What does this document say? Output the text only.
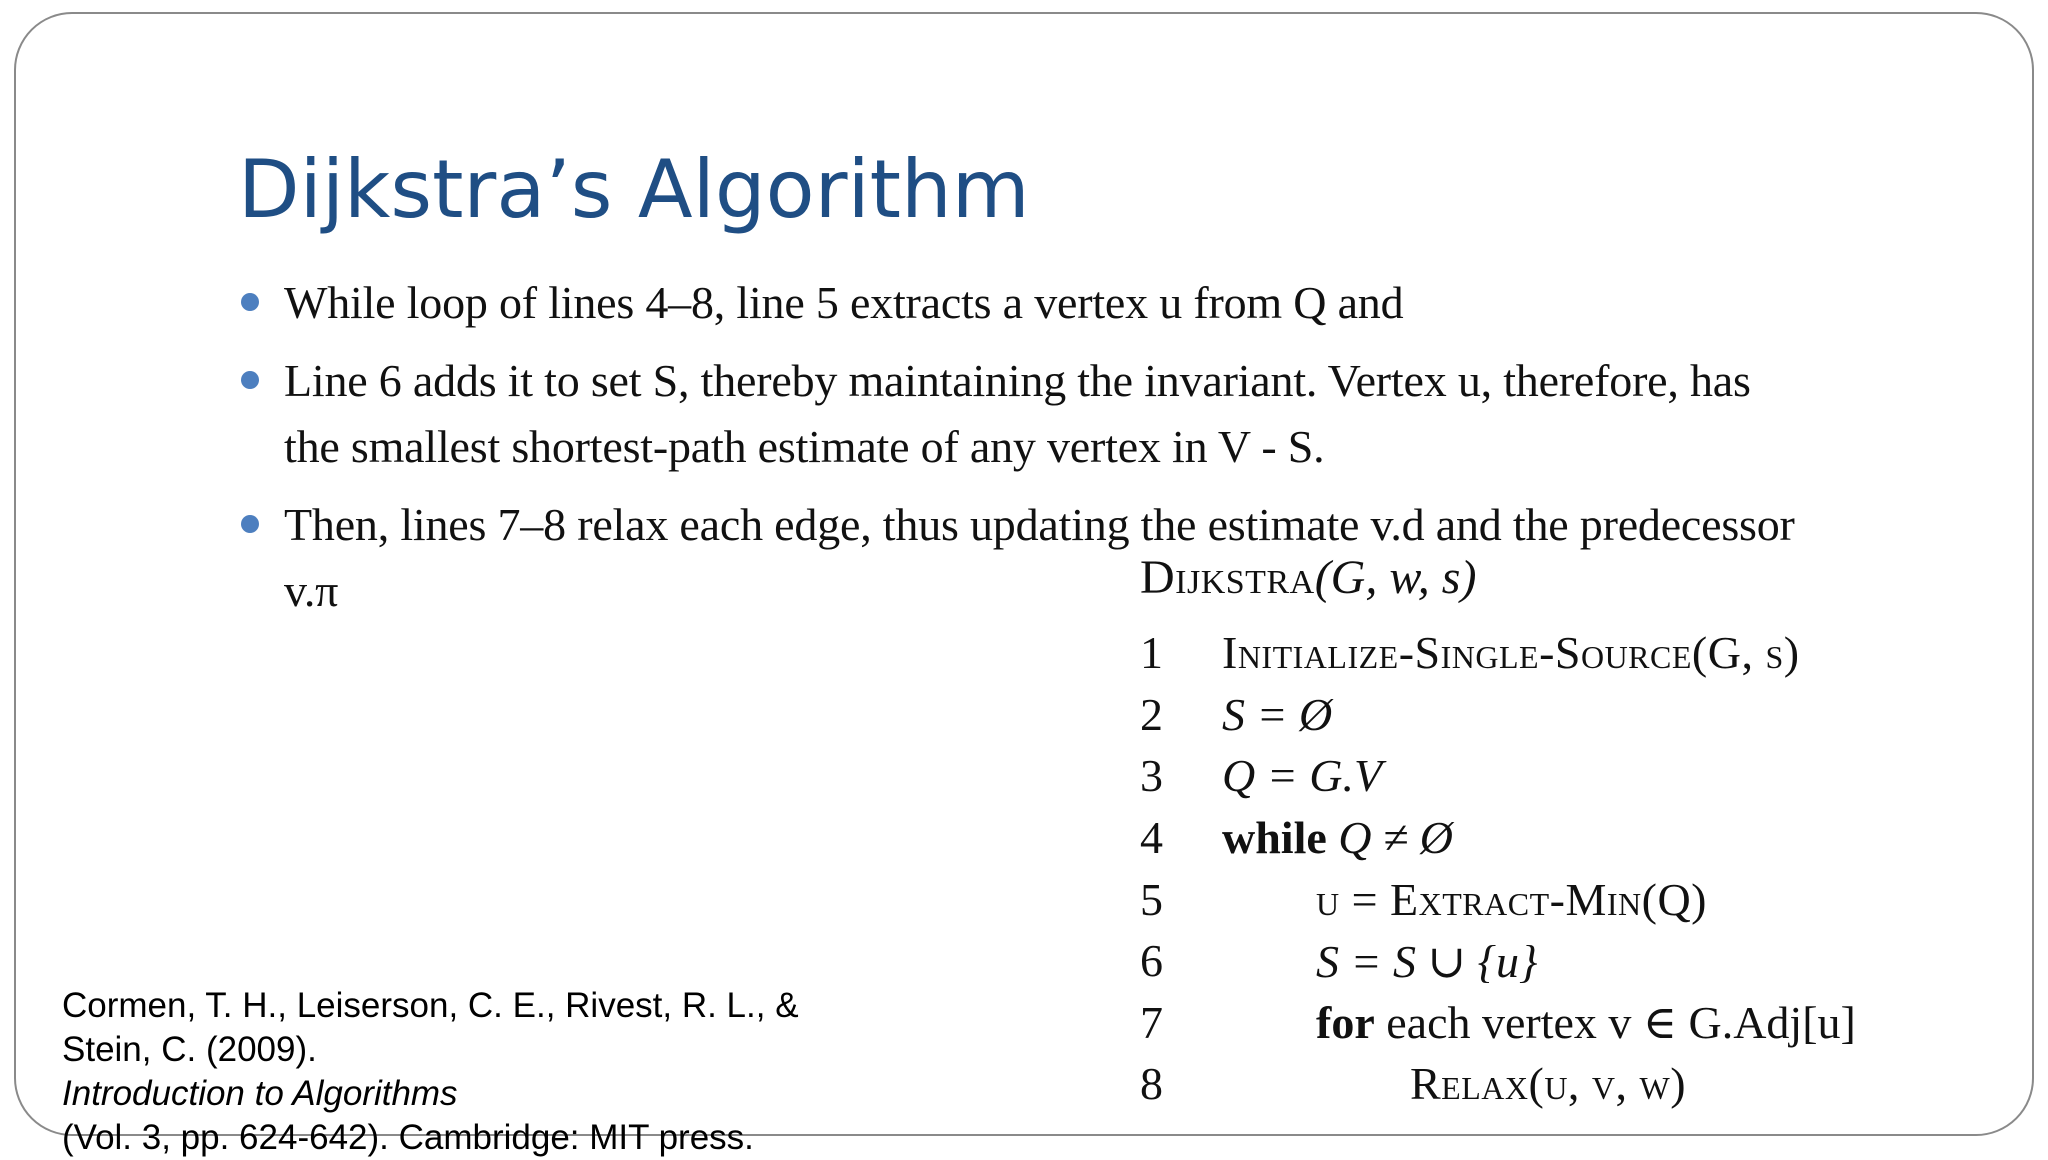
Dijkstra’s Algorithm
While loop of lines 4–8, line 5 extracts a vertex u from Q and
Line 6 adds it to set S, thereby maintaining the invariant. Vertex u, therefore, has
the smallest shortest-path estimate of any vertex in V - S.
Then, lines 7–8 relax each edge, thus updating the estimate v.d and the predecessor
v.π	Dijkstra(G, w, s)
1	Initialize-Single-Source(G, s)
2	S = Ø
3	Q = G.V
4	while Q ≠ Ø
5	u = Extract-Min(Q)
6	S = S ∪ {u}
7	for each vertex v ∈ G.Adj[u]
8	Relax(u, v, w)
Cormen, T. H., Leiserson, C. E., Rivest, R. L., &
Stein, C. (2009).
Introduction to Algorithms
(Vol. 3, pp. 624-642). Cambridge: MIT press.
